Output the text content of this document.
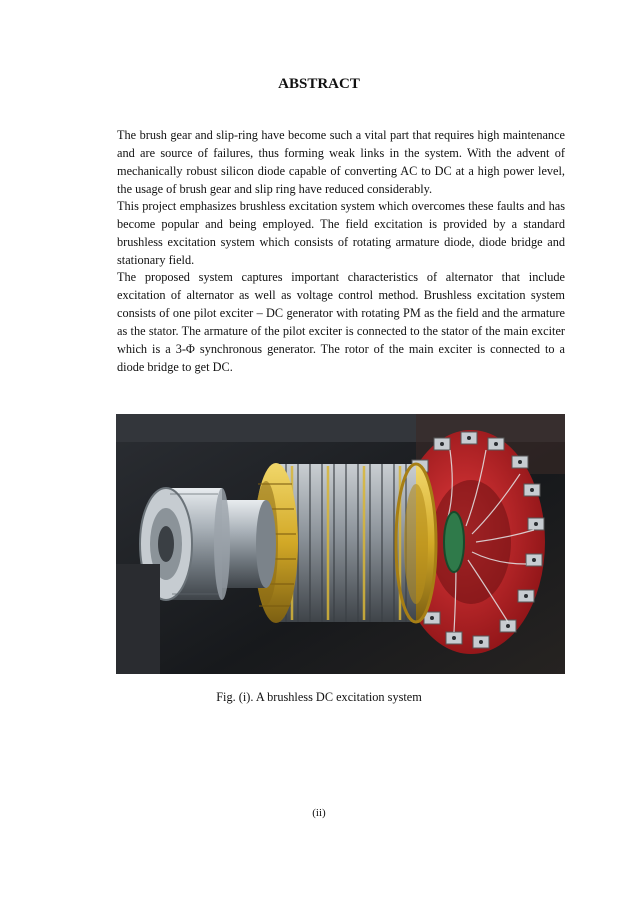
ABSTRACT

The brush gear and slip-ring have become such a vital part that requires high maintenance and are source of failures, thus forming weak links in the system. With the advent of mechanically robust silicon diode capable of converting AC to DC at a high power level, the usage of brush gear and slip ring have reduced considerably.

This project emphasizes brushless excitation system which overcomes these faults and has become popular and being employed. The field excitation is provided by a standard brushless excitation system which consists of rotating armature diode, diode bridge and stationary field.

The proposed system captures important characteristics of alternator that include excitation of alternator as well as voltage control method. Brushless excitation system consists of one pilot exciter – DC generator with rotating PM as the field and the armature as the stator. The armature of the pilot exciter is connected to the stator of the main exciter which is a 3-Φ synchronous generator. The rotor of the main exciter is connected to a diode bridge to get DC.

Fig. (i). A brushless DC excitation system
(ii)
